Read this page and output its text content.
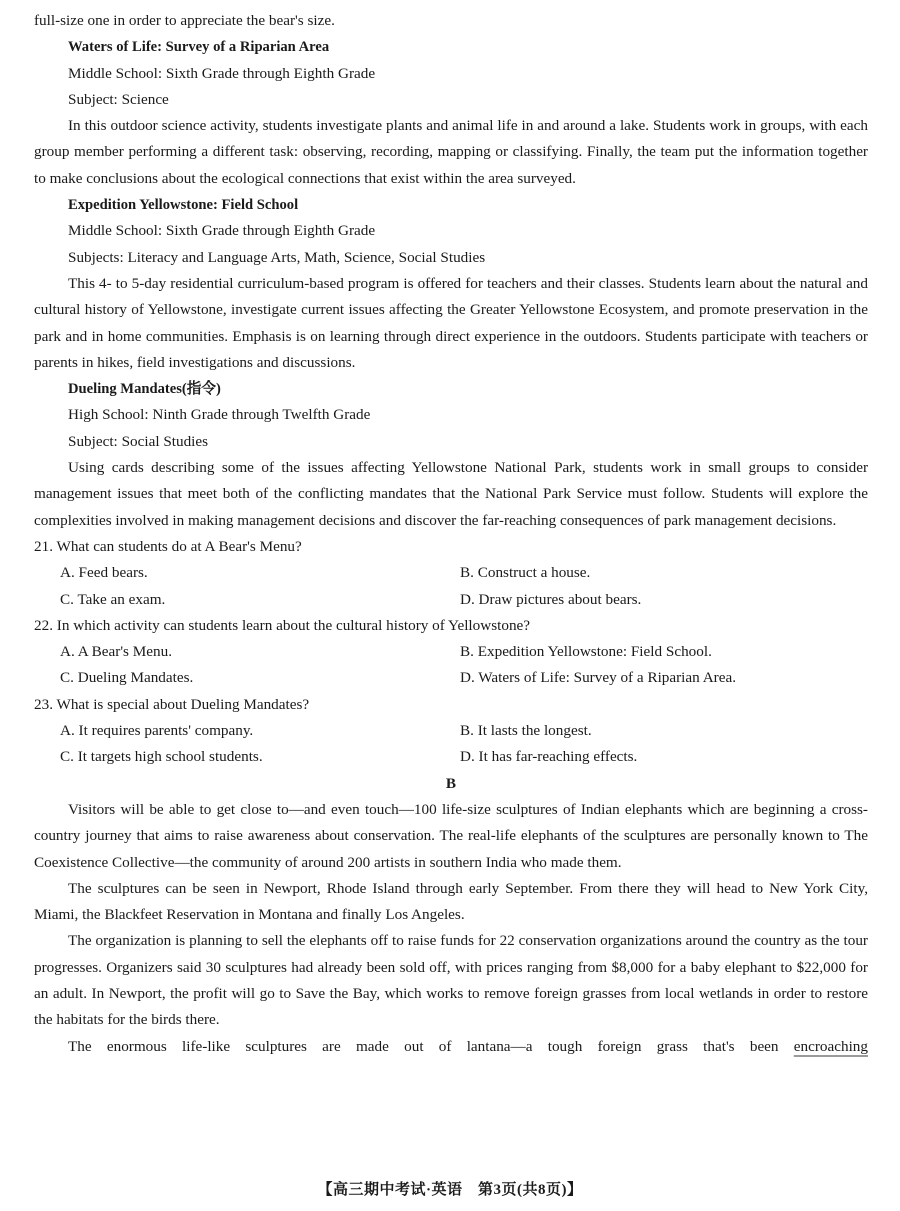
full-size one in order to appreciate the bear's size.
Waters of Life: Survey of a Riparian Area
Middle School: Sixth Grade through Eighth Grade
Subject: Science

In this outdoor science activity, students investigate plants and animal life in and around a lake. Students work in groups, with each group member performing a different task: observing, recording, mapping or classifying. Finally, the team put the information together to make conclusions about the ecological connections that exist within the area surveyed.

Expedition Yellowstone: Field School
Middle School: Sixth Grade through Eighth Grade
Subjects: Literacy and Language Arts, Math, Science, Social Studies

This 4- to 5-day residential curriculum-based program is offered for teachers and their classes. Students learn about the natural and cultural history of Yellowstone, investigate current issues affecting the Greater Yellowstone Ecosystem, and promote preservation in the park and in home communities. Emphasis is on learning through direct experience in the outdoors. Students participate with teachers or parents in hikes, field investigations and discussions.

Dueling Mandates(指令)
High School: Ninth Grade through Twelfth Grade
Subject: Social Studies

Using cards describing some of the issues affecting Yellowstone National Park, students work in small groups to consider management issues that meet both of the conflicting mandates that the National Park Service must follow. Students will explore the complexities involved in making management decisions and discover the far-reaching consequences of park management decisions.

21. What can students do at A Bear's Menu?
A. Feed bears.	B. Construct a house.
C. Take an exam.	D. Draw pictures about bears.
22. In which activity can students learn about the cultural history of Yellowstone?
A. A Bear's Menu.	B. Expedition Yellowstone: Field School.
C. Dueling Mandates.	D. Waters of Life: Survey of a Riparian Area.
23. What is special about Dueling Mandates?
A. It requires parents' company.	B. It lasts the longest.
C. It targets high school students.	D. It has far-reaching effects.
B

Visitors will be able to get close to—and even touch—100 life-size sculptures of Indian elephants which are beginning a cross-country journey that aims to raise awareness about conservation. The real-life elephants of the sculptures are personally known to The Coexistence Collective—the community of around 200 artists in southern India who made them.

The sculptures can be seen in Newport, Rhode Island through early September. From there they will head to New York City, Miami, the Blackfeet Reservation in Montana and finally Los Angeles.

The organization is planning to sell the elephants off to raise funds for 22 conservation organizations around the country as the tour progresses. Organizers said 30 sculptures had already been sold off, with prices ranging from $8,000 for a baby elephant to $22,000 for an adult. In Newport, the profit will go to Save the Bay, which works to remove foreign grasses from local wetlands in order to restore the habitats for the birds there.

The enormous life-like sculptures are made out of lantana—a tough foreign grass that's been encroaching

【高三期中考试·英语　第3页(共8页)】
